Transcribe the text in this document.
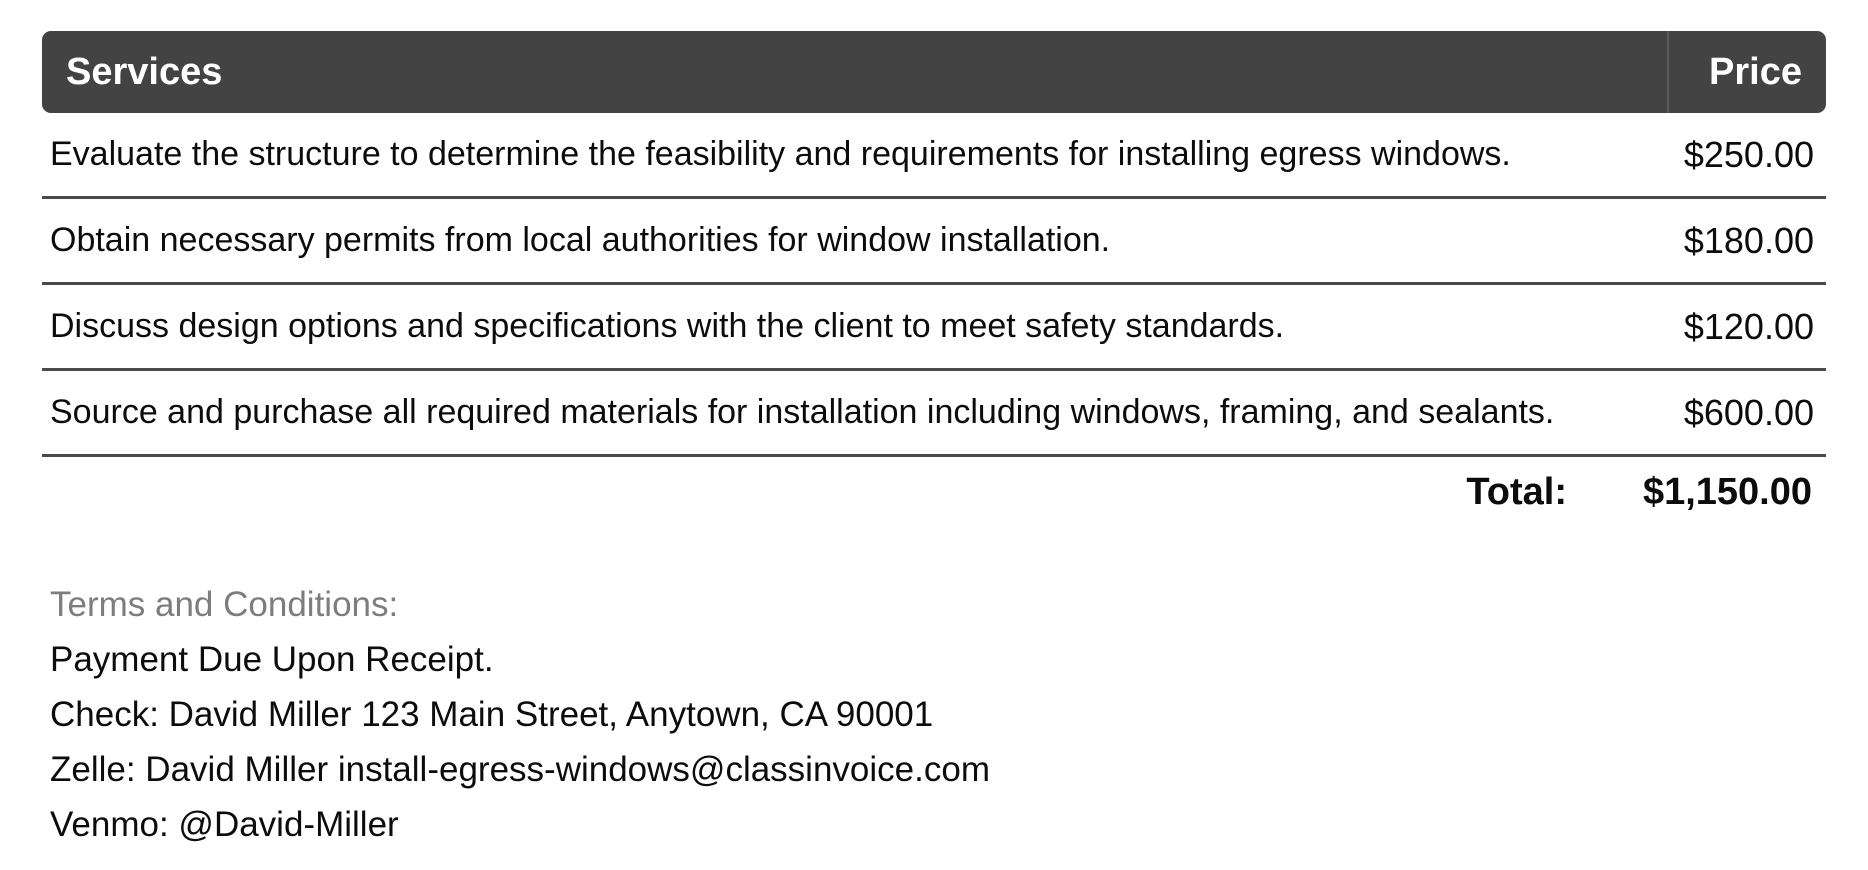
Services	Price
Evaluate the structure to determine the feasibility and requirements for installing egress windows.	$250.00
Obtain necessary permits from local authorities for window installation.	$180.00
Discuss design options and specifications with the client to meet safety standards.	$120.00
Source and purchase all required materials for installation including windows, framing, and sealants.	$600.00
Total:	$1,150.00
Terms and Conditions:
Payment Due Upon Receipt.
Check: David Miller 123 Main Street, Anytown, CA 90001
Zelle: David Miller install-egress-windows@classinvoice.com
Venmo: @David-Miller
